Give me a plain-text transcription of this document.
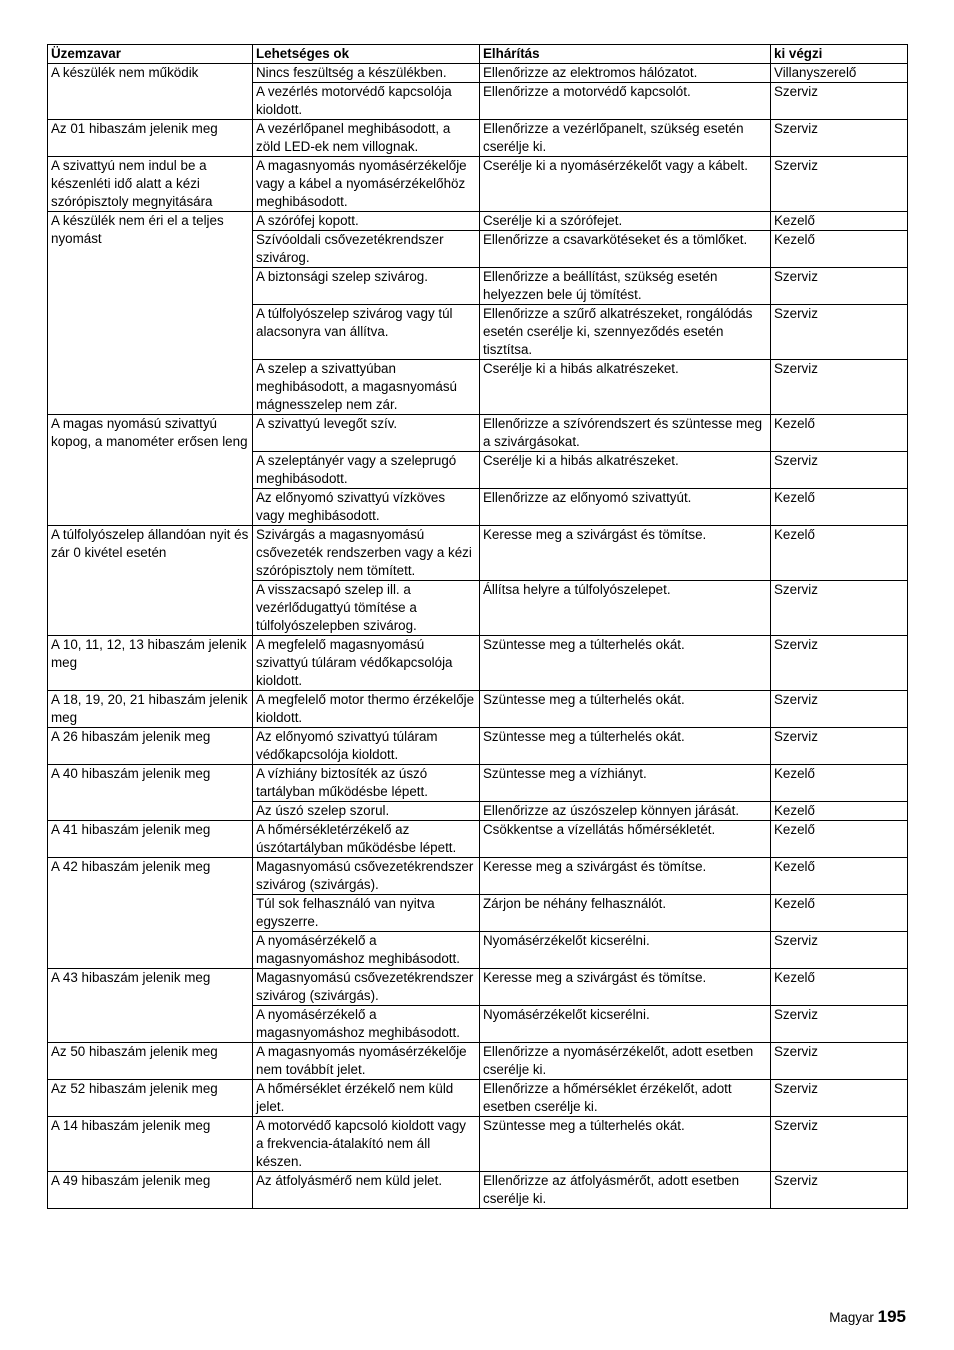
Üzemzavar	Lehetséges ok	Elhárítás	ki végzi
A készülék nem működik	Nincs feszültség a készülékben.	Ellenőrizze az elektromos hálózatot.	Villanyszerelő
	A vezérlés motorvédő kapcsolója kioldott.	Ellenőrizze a motorvédő kapcsolót.	Szerviz
Az 01 hibaszám jelenik meg	A vezérlőpanel meghibásodott, a zöld LED-ek nem villognak.	Ellenőrizze a vezérlőpanelt, szükség esetén cserélje ki.	Szerviz
A szivattyú nem indul be a készenléti idő alatt a kézi szórópisztoly megnyitására	A magasnyomás nyomásérzékelője vagy a kábel a nyomásérzékelőhöz meghibásodott.	Cserélje ki a nyomásérzékelőt vagy a kábelt.	Szerviz
A készülék nem éri el a teljes nyomást	A szórófej kopott.	Cserélje ki a szórófejet.	Kezelő
	Szívóoldali csővezetékrendszer szivárog.	Ellenőrizze a csavarkötéseket és a tömlőket.	Kezelő
	A biztonsági szelep szivárog.	Ellenőrizze a beállítást, szükség esetén helyezzen bele új tömítést.	Szerviz
	A túlfolyószelep szivárog vagy túl alacsonyra van állítva.	Ellenőrizze a szűrő alkatrészeket, rongálódás esetén cserélje ki, szennyeződés esetén tisztítsa.	Szerviz
	A szelep a szivattyúban meghibásodott, a magasnyomású mágnesszelep nem zár.	Cserélje ki a hibás alkatrészeket.	Szerviz
A magas nyomású szivattyú kopog, a manométer erősen leng	A szivattyú levegőt szív.	Ellenőrizze a szívórendszert és szüntesse meg a szivárgásokat.	Kezelő
	A szeleptányér vagy a szeleprugó meghibásodott.	Cserélje ki a hibás alkatrészeket.	Szerviz
	Az előnyomó szivattyú vízköves vagy meghibásodott.	Ellenőrizze az előnyomó szivattyút.	Kezelő
A túlfolyószelep állandóan nyit és zár 0 kivétel esetén	Szivárgás a magasnyomású csővezeték rendszerben vagy a kézi szórópisztoly nem tömített.	Keresse meg a szivárgást és tömítse.	Kezelő
	A visszacsapó szelep ill. a vezérlődugattyú tömítése a túlfolyószelepben szivárog.	Állítsa helyre a túlfolyószelepet.	Szerviz
A 10, 11, 12, 13 hibaszám jelenik meg	A megfelelő magasnyomású szivattyú túláram védőkapcsolója kioldott.	Szüntesse meg a túlterhelés okát.	Szerviz
A 18, 19, 20, 21 hibaszám jelenik meg	A megfelelő motor thermo érzékelője kioldott.	Szüntesse meg a túlterhelés okát.	Szerviz
A 26 hibaszám jelenik meg	Az előnyomó szivattyú túláram védőkapcsolója kioldott.	Szüntesse meg a túlterhelés okát.	Szerviz
A 40 hibaszám jelenik meg	A vízhiány biztosíték az úszó tartályban működésbe lépett.	Szüntesse meg a vízhiányt.	Kezelő
	Az úszó szelep szorul.	Ellenőrizze az úszószelep könnyen járását.	Kezelő
A 41 hibaszám jelenik meg	A hőmérsékletérzékelő az úszótartályban működésbe lépett.	Csökkentse a vízellátás hőmérsékletét.	Kezelő
A 42 hibaszám jelenik meg	Magasnyomású csővezetékrendszer szivárog (szivárgás).	Keresse meg a szivárgást és tömítse.	Kezelő
	Túl sok felhasználó van nyitva egyszerre.	Zárjon be néhány felhasználót.	Kezelő
	A nyomásérzékelő a magasnyomáshoz meghibásodott.	Nyomásérzékelőt kicserélni.	Szerviz
A 43 hibaszám jelenik meg	Magasnyomású csővezetékrendszer szivárog (szivárgás).	Keresse meg a szivárgást és tömítse.	Kezelő
	A nyomásérzékelő a magasnyomáshoz meghibásodott.	Nyomásérzékelőt kicserélni.	Szerviz
Az 50 hibaszám jelenik meg	A magasnyomás nyomásérzékelője nem továbbít jelet.	Ellenőrizze a nyomásérzékelőt, adott esetben cserélje ki.	Szerviz
Az 52 hibaszám jelenik meg	A hőmérséklet érzékelő nem küld jelet.	Ellenőrizze a hőmérséklet érzékelőt, adott esetben cserélje ki.	Szerviz
A 14 hibaszám jelenik meg	A motorvédő kapcsoló kioldott vagy a frekvencia-átalakító nem áll készen.	Szüntesse meg a túlterhelés okát.	Szerviz
A 49 hibaszám jelenik meg	Az átfolyásmérő nem küld jelet.	Ellenőrizze az átfolyásmérőt, adott esetben cserélje ki.	Szerviz
Magyar 195
